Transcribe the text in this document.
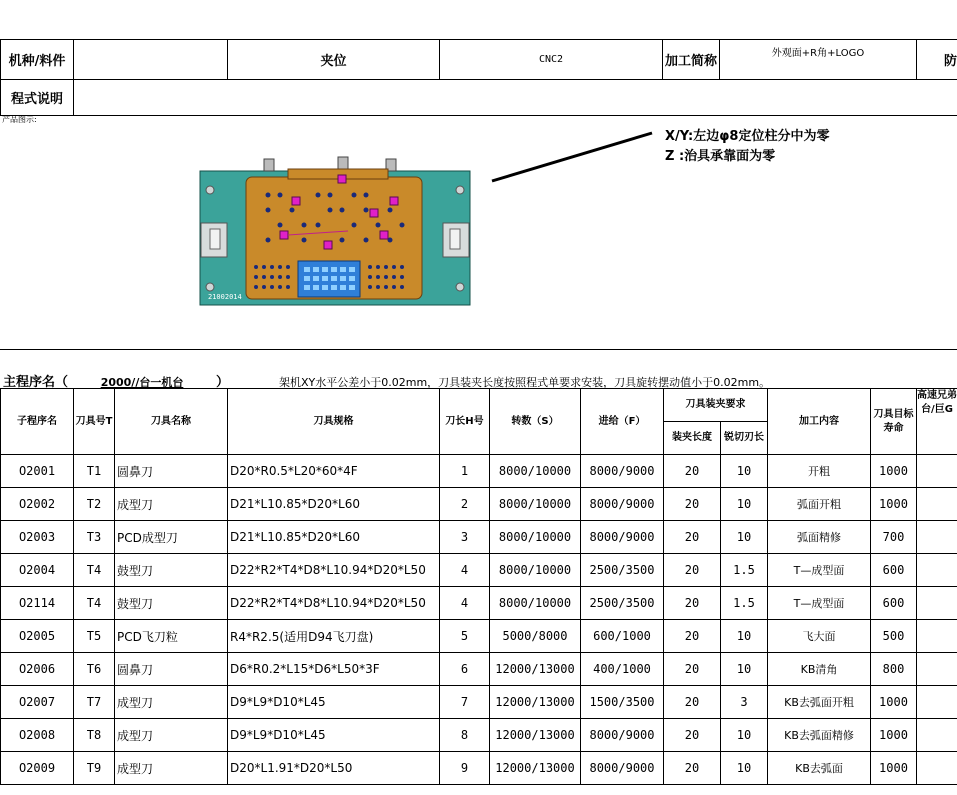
机种/料件		夹位	CNC2	加工简称	外观面+R角+LOGO	防
程式说明						
产品图示:
X/Y:左边φ8定位柱分中为零
Z :治具承靠面为零
21002014
主程序名（	2000//台一机台	）	架机XY水平公差小于0.02mm，刀具装夹长度按照程式单要求安装，刀具旋转摆动值小于0.02mm。
子程序名	刀具号T	刀具名称	刀具规格	刀长H号	转数（S）	进给（F）	刀具装夹要求		加工内容	刀具目标寿命	高速兄弟台/巨G
							装夹长度	锐切刃长			
O2001	T1	圆鼻刀	D20*R0.5*L20*60*4F	1	8000/10000	8000/9000	20	10	开粗	1000	
O2002	T2	成型刀	D21*L10.85*D20*L60	2	8000/10000	8000/9000	20	10	弧面开粗	1000	
O2003	T3	PCD成型刀	D21*L10.85*D20*L60	3	8000/10000	8000/9000	20	10	弧面精修	700	
O2004	T4	鼓型刀	D22*R2*T4*D8*L10.94*D20*L50	4	8000/10000	2500/3500	20	1.5	T—成型面	600	
O2114	T4	鼓型刀	D22*R2*T4*D8*L10.94*D20*L50	4	8000/10000	2500/3500	20	1.5	T—成型面	600	
O2005	T5	PCD飞刀粒	R4*R2.5(适用D94飞刀盘)	5	5000/8000	600/1000	20	10	飞大面	500	
O2006	T6	圆鼻刀	D6*R0.2*L15*D6*L50*3F	6	12000/13000	400/1000	20	10	KB清角	800	
O2007	T7	成型刀	D9*L9*D10*L45	7	12000/13000	1500/3500	20	3	KB去弧面开粗	1000	
O2008	T8	成型刀	D9*L9*D10*L45	8	12000/13000	8000/9000	20	10	KB去弧面精修	1000	
O2009	T9	成型刀	D20*L1.91*D20*L50	9	12000/13000	8000/9000	20	10	KB去弧面	1000	
